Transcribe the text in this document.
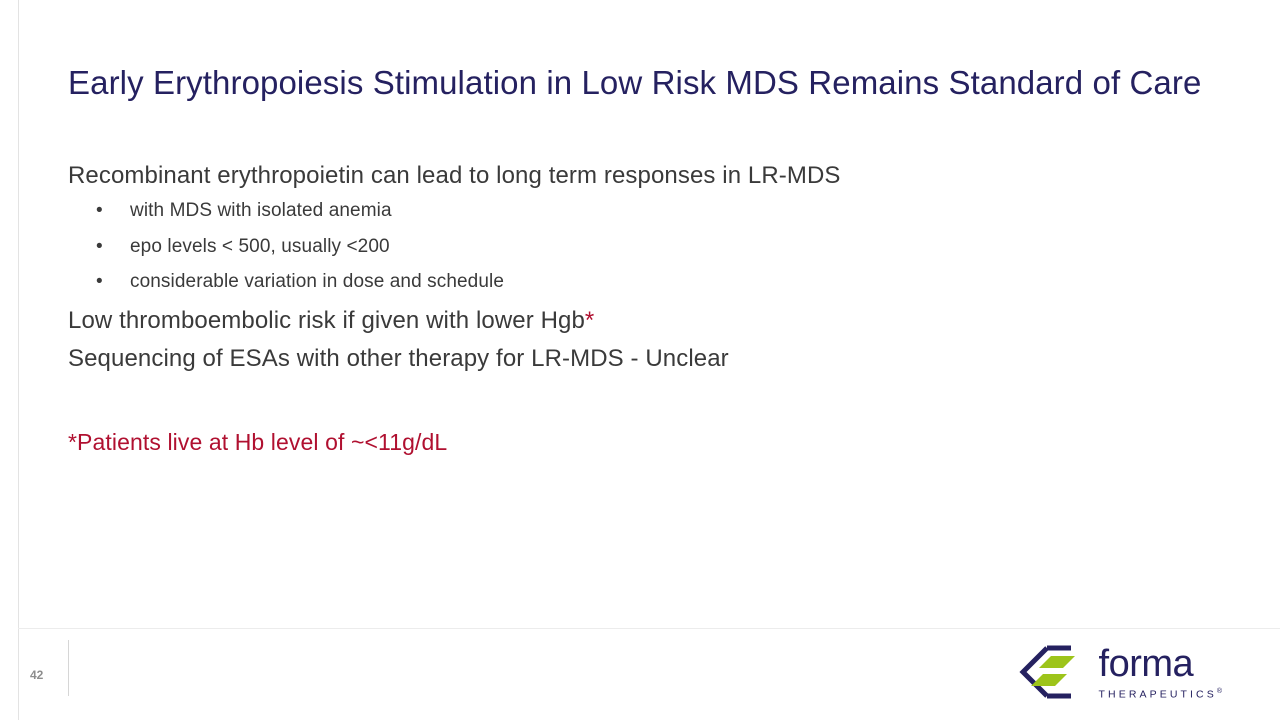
Early Erythropoiesis Stimulation in Low Risk MDS Remains Standard of Care

Recombinant erythropoietin can lead to long term responses in LR-MDS

• with MDS with isolated anemia
• epo levels < 500, usually <200
• considerable variation in dose and schedule

Low thromboembolic risk if given with lower Hgb*

Sequencing of ESAs with other therapy for LR-MDS - Unclear

*Patients live at Hb level of ~<11g/dL

42	forma
THERAPEUTICS®
